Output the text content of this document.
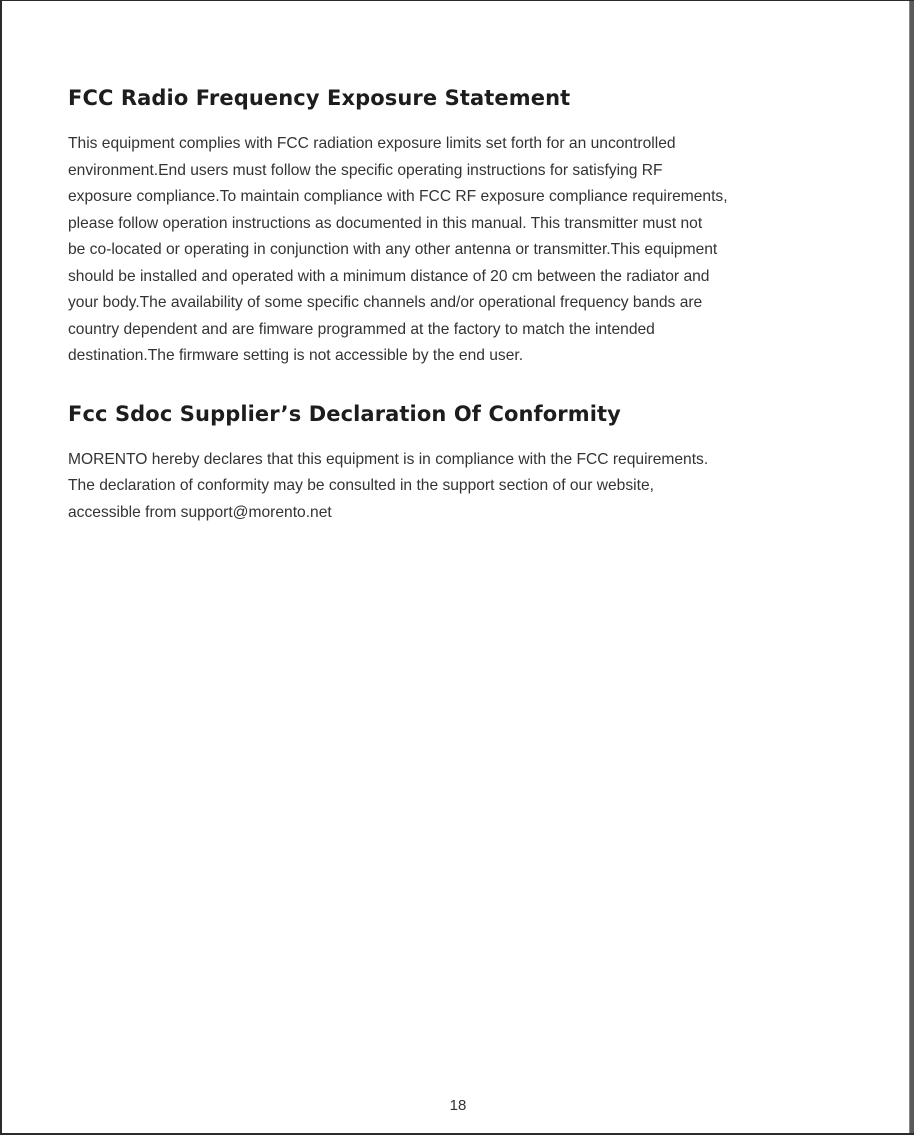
FCC Radio Frequency Exposure Statement

This equipment complies with FCC radiation exposure limits set forth for an uncontrolled

environment.End users must follow the specific operating instructions for satisfying RF

exposure compliance.To maintain compliance with FCC RF exposure compliance requirements,

please follow operation instructions as documented in this manual. This transmitter must not

be co-located or operating in conjunction with any other antenna or transmitter.This equipment

should be installed and operated with a minimum distance of 20 cm between the radiator and

your body.The availability of some specific channels and/or operational frequency bands are

country dependent and are fimware programmed at the factory to match the intended

destination.The firmware setting is not accessible by the end user.

Fcc Sdoc Supplier’s Declaration Of Conformity

MORENTO hereby declares that this equipment is in compliance with the FCC requirements.

The declaration of conformity may be consulted in the support section of our website,

accessible from support@morento.net

18
